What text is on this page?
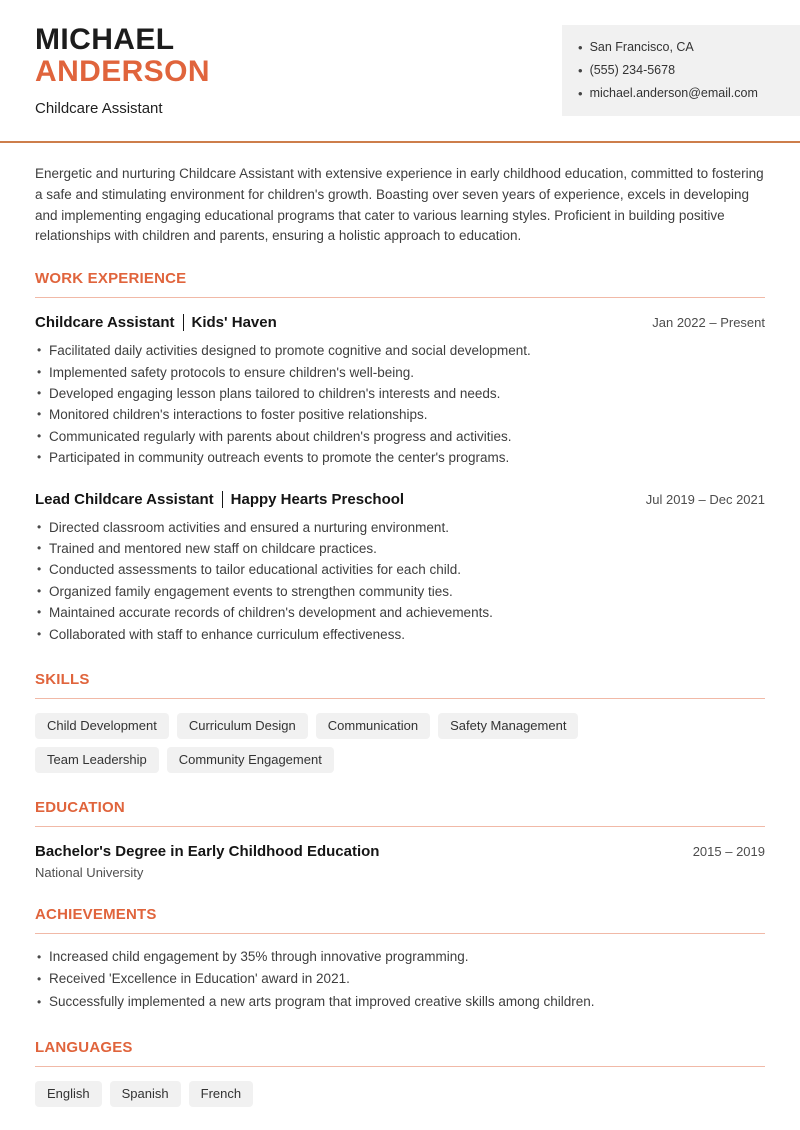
MICHAEL
ANDERSON
Childcare Assistant
• San Francisco, CA
• (555) 234-5678
• michael.anderson@email.com

Energetic and nurturing Childcare Assistant with extensive experience in early childhood education, committed to fostering a safe and stimulating environment for children's growth. Boasting over seven years of experience, excels in developing and implementing engaging educational programs that cater to various learning styles. Proficient in building positive relationships with children and parents, ensuring a holistic approach to education.

WORK EXPERIENCE
Childcare Assistant Kids' Haven	Jan 2022 – Present
• Facilitated daily activities designed to promote cognitive and social development.
• Implemented safety protocols to ensure children's well-being.
• Developed engaging lesson plans tailored to children's interests and needs.
• Monitored children's interactions to foster positive relationships.
• Communicated regularly with parents about children's progress and activities.
• Participated in community outreach events to promote the center's programs.
Lead Childcare Assistant Happy Hearts Preschool	Jul 2019 – Dec 2021
• Directed classroom activities and ensured a nurturing environment.
• Trained and mentored new staff on childcare practices.
• Conducted assessments to tailor educational activities for each child.
• Organized family engagement events to strengthen community ties.
• Maintained accurate records of children's development and achievements.
• Collaborated with staff to enhance curriculum effectiveness.
SKILLS
Child Development	Curriculum Design	Communication	Safety Management
Team Leadership	Community Engagement
EDUCATION
Bachelor's Degree in Early Childhood Education	2015 – 2019
National University
ACHIEVEMENTS
• Increased child engagement by 35% through innovative programming.
• Received 'Excellence in Education' award in 2021.
• Successfully implemented a new arts program that improved creative skills among children.
LANGUAGES
English	Spanish	French
